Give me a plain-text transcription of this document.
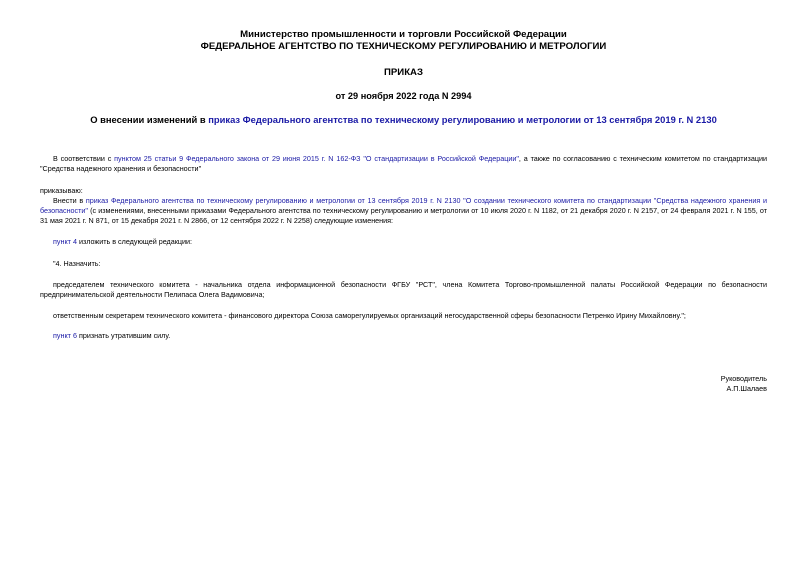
Министерство промышленности и торговли Российской Федерации
ФЕДЕРАЛЬНОЕ АГЕНТСТВО ПО ТЕХНИЧЕСКОМУ РЕГУЛИРОВАНИЮ И МЕТРОЛОГИИ
ПРИКАЗ
от 29 ноября 2022 года N 2994
О внесении изменений в приказ Федерального агентства по техническому регулированию и метрологии от 13 сентября 2019 г. N 2130
В соответствии с пунктом 25 статьи 9 Федерального закона от 29 июня 2015 г. N 162-ФЗ "О стандартизации в Российской Федерации", а также по согласованию с техническим комитетом по стандартизации "Средства надежного хранения и безопасности"
приказываю:
Внести в приказ Федерального агентства по техническому регулированию и метрологии от 13 сентября 2019 г. N 2130 "О создании технического комитета по стандартизации "Средства надежного хранения и безопасности" (с изменениями, внесенными приказами Федерального агентства по техническому регулированию и метрологии от 10 июля 2020 г. N 1182, от 21 декабря 2020 г. N 2157, от 24 февраля 2021 г. N 155, от 31 мая 2021 г. N 871, от 15 декабря 2021 г. N 2866, от 12 сентября 2022 г. N 2258) следующие изменения:
пункт 4 изложить в следующей редакции:
"4. Назначить:
председателем технического комитета - начальника отдела информационной безопасности ФГБУ "РСТ", члена Комитета Торгово-промышленной палаты Российской Федерации по безопасности предпринимательской деятельности Пелипаса Олега Вадимовича;
ответственным секретарем технического комитета - финансового директора Союза саморегулируемых организаций негосударственной сферы безопасности Петренко Ирину Михайловну.";
пункт 6 признать утратившим силу.
Руководитель
А.П.Шалаев
